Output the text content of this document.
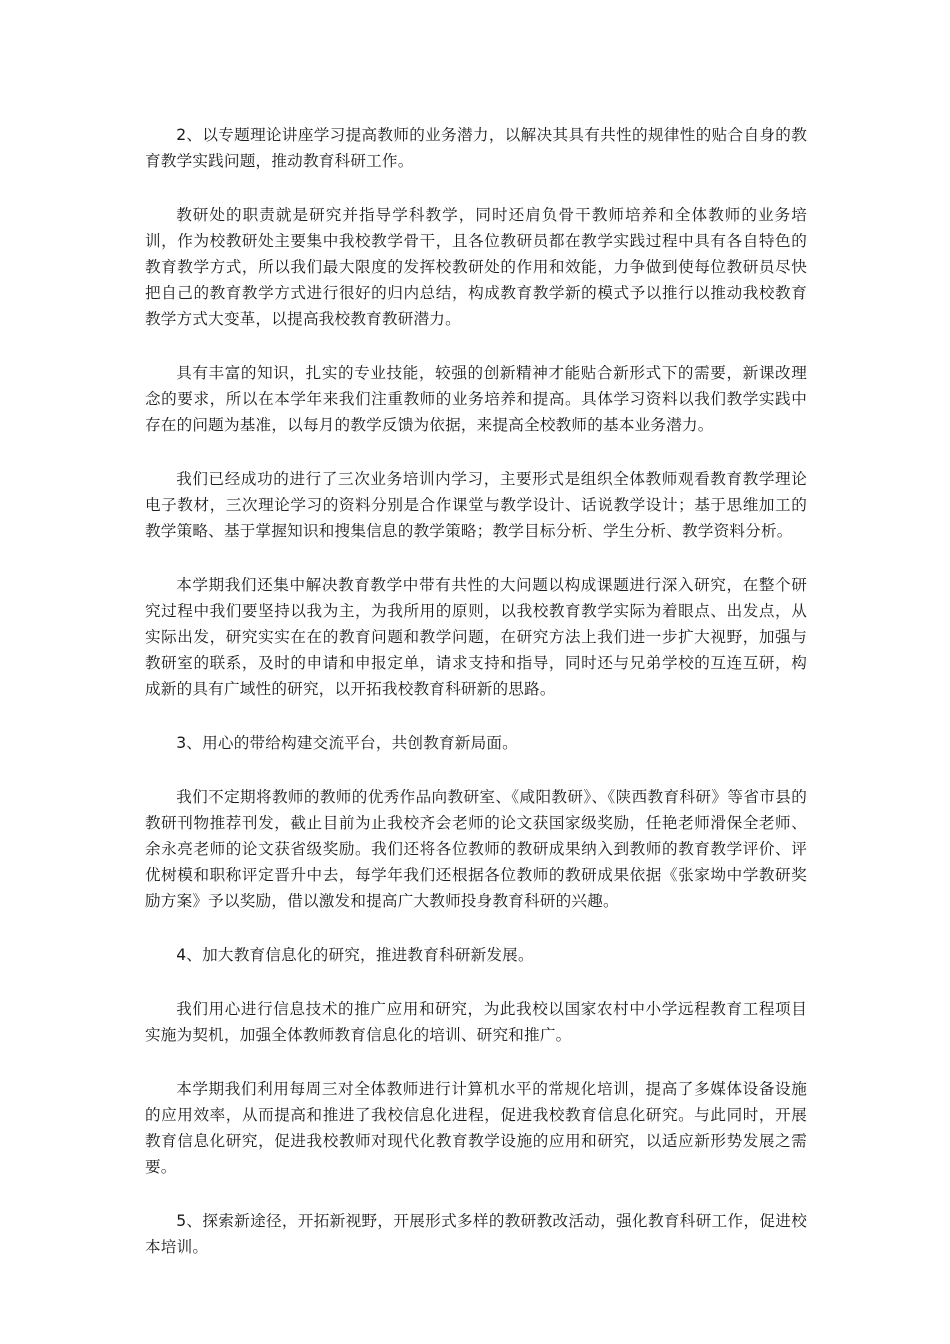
2、以专题理论讲座学习提高教师的业务潜力，以解决其具有共性的规律性的贴合自身的教育教学实践问题，推动教育科研工作。

教研处的职责就是研究并指导学科教学，同时还肩负骨干教师培养和全体教师的业务培训，作为校教研处主要集中我校教学骨干，且各位教研员都在教学实践过程中具有各自特色的教育教学方式，所以我们最大限度的发挥校教研处的作用和效能，力争做到使每位教研员尽快把自己的教育教学方式进行很好的归内总结，构成教育教学新的模式予以推行以推动我校教育教学方式大变革，以提高我校教育教研潜力。

具有丰富的知识，扎实的专业技能，较强的创新精神才能贴合新形式下的需要，新课改理念的要求，所以在本学年来我们注重教师的业务培养和提高。具体学习资料以我们教学实践中存在的问题为基准，以每月的教学反馈为依据，来提高全校教师的基本业务潜力。

我们已经成功的进行了三次业务培训内学习，主要形式是组织全体教师观看教育教学理论电子教材，三次理论学习的资料分别是合作课堂与教学设计、话说教学设计；基于思维加工的教学策略、基于掌握知识和搜集信息的教学策略；教学目标分析、学生分析、教学资料分析。

本学期我们还集中解决教育教学中带有共性的大问题以构成课题进行深入研究，在整个研究过程中我们要坚持以我为主，为我所用的原则，以我校教育教学实际为着眼点、出发点，从实际出发，研究实实在在的教育问题和教学问题，在研究方法上我们进一步扩大视野，加强与教研室的联系，及时的申请和申报定单，请求支持和指导，同时还与兄弟学校的互连互研，构成新的具有广域性的研究，以开拓我校教育科研新的思路。

3、用心的带给构建交流平台，共创教育新局面。

我们不定期将教师的教师的优秀作品向教研室、《咸阳教研》、《陕西教育科研》等省市县的教研刊物推荐刊发，截止目前为止我校齐会老师的论文获国家级奖励，任艳老师滑保全老师、余永亮老师的论文获省级奖励。我们还将各位教师的教研成果纳入到教师的教育教学评价、评优树模和职称评定晋升中去，每学年我们还根据各位教师的教研成果依据《张家坳中学教研奖励方案》予以奖励，借以激发和提高广大教师投身教育科研的兴趣。

4、加大教育信息化的研究，推进教育科研新发展。

我们用心进行信息技术的推广应用和研究，为此我校以国家农村中小学远程教育工程项目实施为契机，加强全体教师教育信息化的培训、研究和推广。

本学期我们利用每周三对全体教师进行计算机水平的常规化培训，提高了多媒体设备设施的应用效率，从而提高和推进了我校信息化进程，促进我校教育信息化研究。与此同时，开展教育信息化研究，促进我校教师对现代化教育教学设施的应用和研究，以适应新形势发展之需要。

5、探索新途径，开拓新视野，开展形式多样的教研教改活动，强化教育科研工作，促进校本培训。
